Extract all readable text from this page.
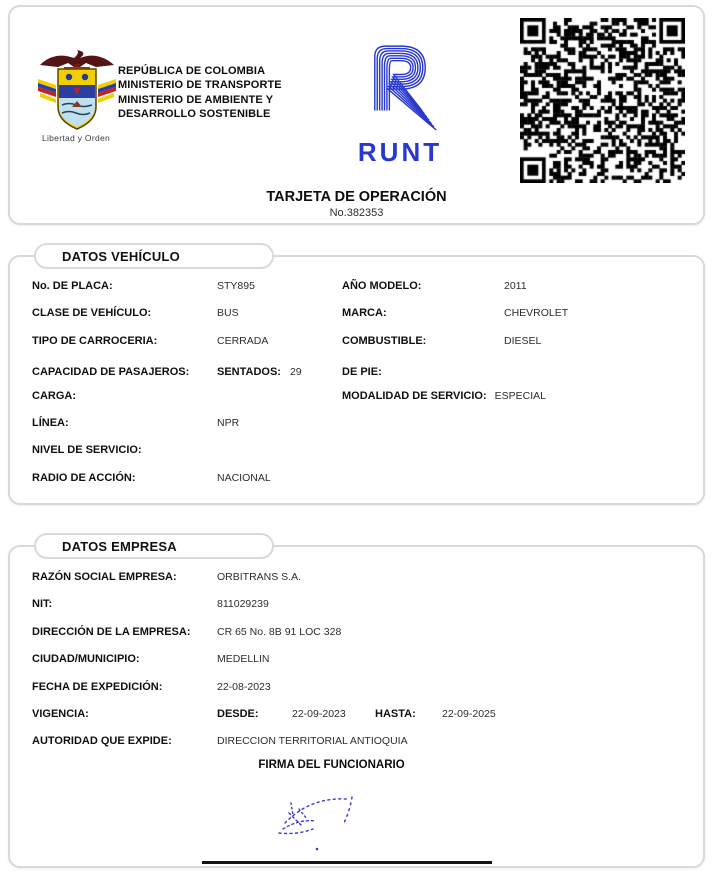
Libertad y Orden
REPÚBLICA DE COLOMBIA
MINISTERIO DE TRANSPORTE
MINISTERIO DE AMBIENTE Y
DESARROLLO SOSTENIBLE
RUNT
TARJETA DE OPERACIÓN
No.382353
DATOS VEHÍCULO
No. DE PLACA:	STY895	AÑO MODELO:	2011
CLASE DE VEHÍCULO:	BUS	MARCA:	CHEVROLET
TIPO DE CARROCERIA:	CERRADA	COMBUSTIBLE:	DIESEL
CAPACIDAD DE PASAJEROS:	SENTADOS: 29	DE PIE:
CARGA:	MODALIDAD DE SERVICIO: ESPECIAL
LÍNEA:	NPR
NIVEL DE SERVICIO:
RADIO DE ACCIÓN:	NACIONAL
DATOS EMPRESA
RAZÓN SOCIAL EMPRESA:	ORBITRANS S.A.
NIT:	811029239
DIRECCIÓN DE LA EMPRESA:	CR 65 No. 8B 91 LOC 328
CIUDAD/MUNICIPIO:	MEDELLIN
FECHA DE EXPEDICIÓN:	22-08-2023
VIGENCIA:	DESDE:	22-09-2023	HASTA:	22-09-2025
AUTORIDAD QUE EXPIDE:	DIRECCION TERRITORIAL ANTIOQUIA
FIRMA DEL FUNCIONARIO
